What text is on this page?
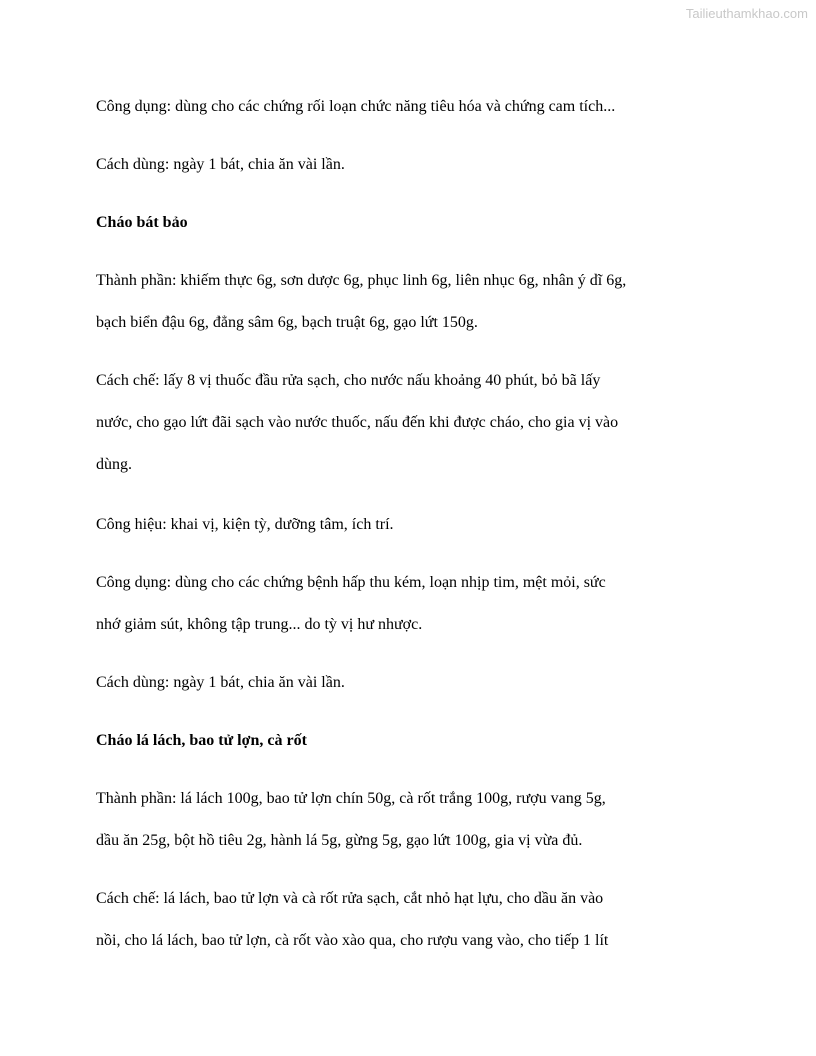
Tailieuthamkhao.com
Công dụng: dùng cho các chứng rối loạn chức năng tiêu hóa và chứng cam tích...
Cách dùng: ngày 1 bát, chia ăn vài lần.
Cháo bát bảo
Thành phần: khiếm thực 6g, sơn dược 6g, phục linh 6g, liên nhục 6g, nhân ý dĩ 6g,
bạch biển đậu 6g, đẳng sâm 6g, bạch truật 6g, gạo lứt 150g.
Cách chế: lấy 8 vị thuốc đầu rửa sạch, cho nước nấu khoảng 40 phút, bỏ bã lấy
nước, cho gạo lứt đãi sạch vào nước thuốc, nấu đến khi được cháo, cho gia vị vào
dùng.
Công hiệu: khai vị, kiện tỳ, dưỡng tâm, ích trí.
Công dụng: dùng cho các chứng bệnh hấp thu kém, loạn nhịp tim, mệt mỏi, sức
nhớ giảm sút, không tập trung... do tỳ vị hư nhược.
Cách dùng: ngày 1 bát, chia ăn vài lần.
Cháo lá lách, bao tử lợn, cà rốt
Thành phần: lá lách 100g, bao tử lợn chín 50g, cà rốt trắng 100g, rượu vang 5g,
dầu ăn 25g, bột hồ tiêu 2g, hành lá 5g, gừng 5g, gạo lứt 100g, gia vị vừa đủ.
Cách chế: lá lách, bao tử lợn và cà rốt rửa sạch, cắt nhỏ hạt lựu, cho dầu ăn vào
nồi, cho lá lách, bao tử lợn, cà rốt vào xào qua, cho rượu vang vào, cho tiếp 1 lít
